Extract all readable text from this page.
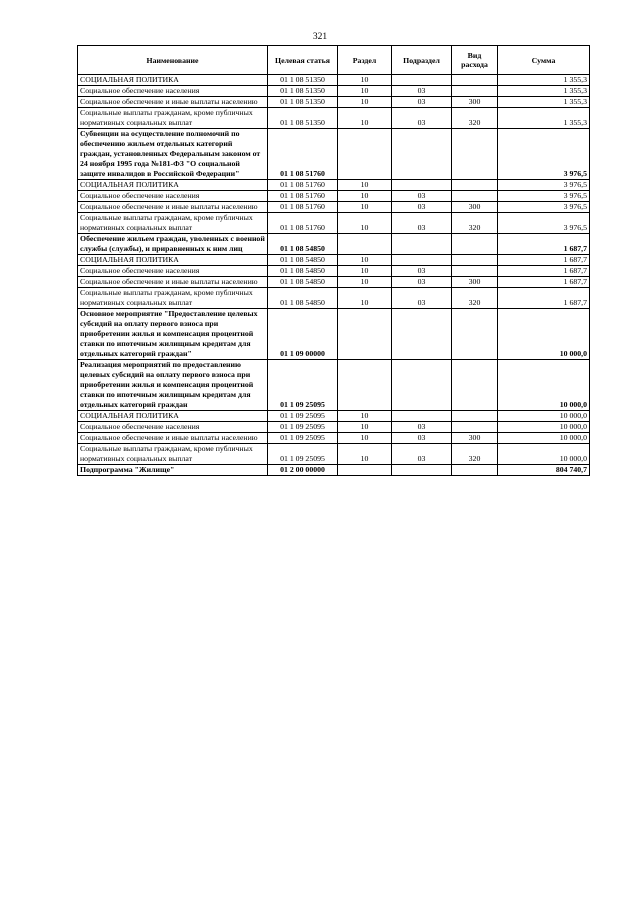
321
Наименование	Целевая статья	Раздел	Подраздел	Вид расхода	Сумма
СОЦИАЛЬНАЯ ПОЛИТИКА	01 1 08 51350	10			1 355,3
Социальное обеспечение населения	01 1 08 51350	10	03		1 355,3
Социальное обеспечение и иные выплаты населению	01 1 08 51350	10	03	300	1 355,3
Социальные выплаты гражданам, кроме публичных нормативных социальных выплат	01 1 08 51350	10	03	320	1 355,3
Субвенции на осуществление полномочий по обеспечению жильем отдельных категорий граждан, установленных Федеральным законом от 24 ноября 1995 года №181-ФЗ "О социальной защите инвалидов в Российской Федерации"	01 1 08 51760				3 976,5
СОЦИАЛЬНАЯ ПОЛИТИКА	01 1 08 51760	10			3 976,5
Социальное обеспечение населения	01 1 08 51760	10	03		3 976,5
Социальное обеспечение и иные выплаты населению	01 1 08 51760	10	03	300	3 976,5
Социальные выплаты гражданам, кроме публичных нормативных социальных выплат	01 1 08 51760	10	03	320	3 976,5
Обеспечение жильем граждан, уволенных с военной службы (службы), и приравненных к ним лиц	01 1 08 54850				1 687,7
СОЦИАЛЬНАЯ ПОЛИТИКА	01 1 08 54850	10			1 687,7
Социальное обеспечение населения	01 1 08 54850	10	03		1 687,7
Социальное обеспечение и иные выплаты населению	01 1 08 54850	10	03	300	1 687,7
Социальные выплаты гражданам, кроме публичных нормативных социальных выплат	01 1 08 54850	10	03	320	1 687,7
Основное мероприятие "Предоставление целевых субсидий на оплату первого взноса при приобретении жилья и компенсация процентной ставки по ипотечным жилищным кредитам для отдельных категорий граждан"	01 1 09 00000				10 000,0
Реализация мероприятий по предоставлению целевых субсидий на оплату первого взноса при приобретении жилья и компенсация процентной ставки по ипотечным жилищным кредитам для отдельных категорий граждан	01 1 09 25095				10 000,0
СОЦИАЛЬНАЯ ПОЛИТИКА	01 1 09 25095	10			10 000,0
Социальное обеспечение населения	01 1 09 25095	10	03		10 000,0
Социальное обеспечение и иные выплаты населению	01 1 09 25095	10	03	300	10 000,0
Социальные выплаты гражданам, кроме публичных нормативных социальных выплат	01 1 09 25095	10	03	320	10 000,0
Подпрограмма "Жилище"	01 2 00 00000				804 740,7
